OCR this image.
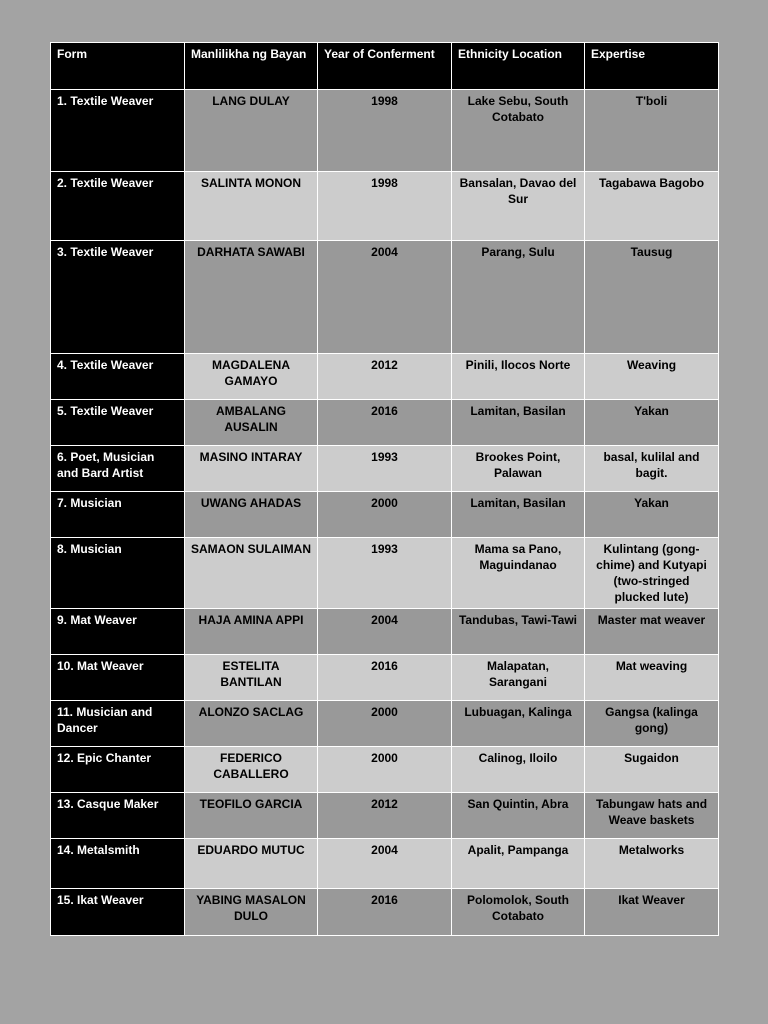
Form	Manlilikha ng Bayan	Year of Conferment	Ethnicity Location	Expertise
1. Textile Weaver	LANG DULAY	1998	Lake Sebu, South Cotabato	T'boli
2. Textile Weaver	SALINTA MONON	1998	Bansalan, Davao del Sur	Tagabawa Bagobo
3. Textile Weaver	DARHATA SAWABI	2004	Parang, Sulu	Tausug
4. Textile Weaver	MAGDALENA GAMAYO	2012	Pinili, Ilocos Norte	Weaving
5. Textile Weaver	AMBALANG AUSALIN	2016	Lamitan, Basilan	Yakan
6. Poet, Musician and Bard Artist	MASINO INTARAY	1993	Brookes Point, Palawan	basal, kulilal and bagit.
7. Musician	UWANG AHADAS	2000	Lamitan, Basilan	Yakan
8. Musician	SAMAON SULAIMAN	1993	Mama sa Pano, Maguindanao	Kulintang (gong-chime) and Kutyapi (two-stringed plucked lute)
9. Mat Weaver	HAJA AMINA APPI	2004	Tandubas, Tawi-Tawi	Master mat weaver
10. Mat Weaver	ESTELITA BANTILAN	2016	Malapatan, Sarangani	Mat weaving
11. Musician and Dancer	ALONZO SACLAG	2000	Lubuagan, Kalinga	Gangsa (kalinga gong)
12. Epic Chanter	FEDERICO CABALLERO	2000	Calinog, Iloilo	Sugaidon
13. Casque Maker	TEOFILO GARCIA	2012	San Quintin, Abra	Tabungaw hats and Weave baskets
14. Metalsmith	EDUARDO MUTUC	2004	Apalit, Pampanga	Metalworks
15. Ikat Weaver	YABING MASALON DULO	2016	Polomolok, South Cotabato	Ikat Weaver
